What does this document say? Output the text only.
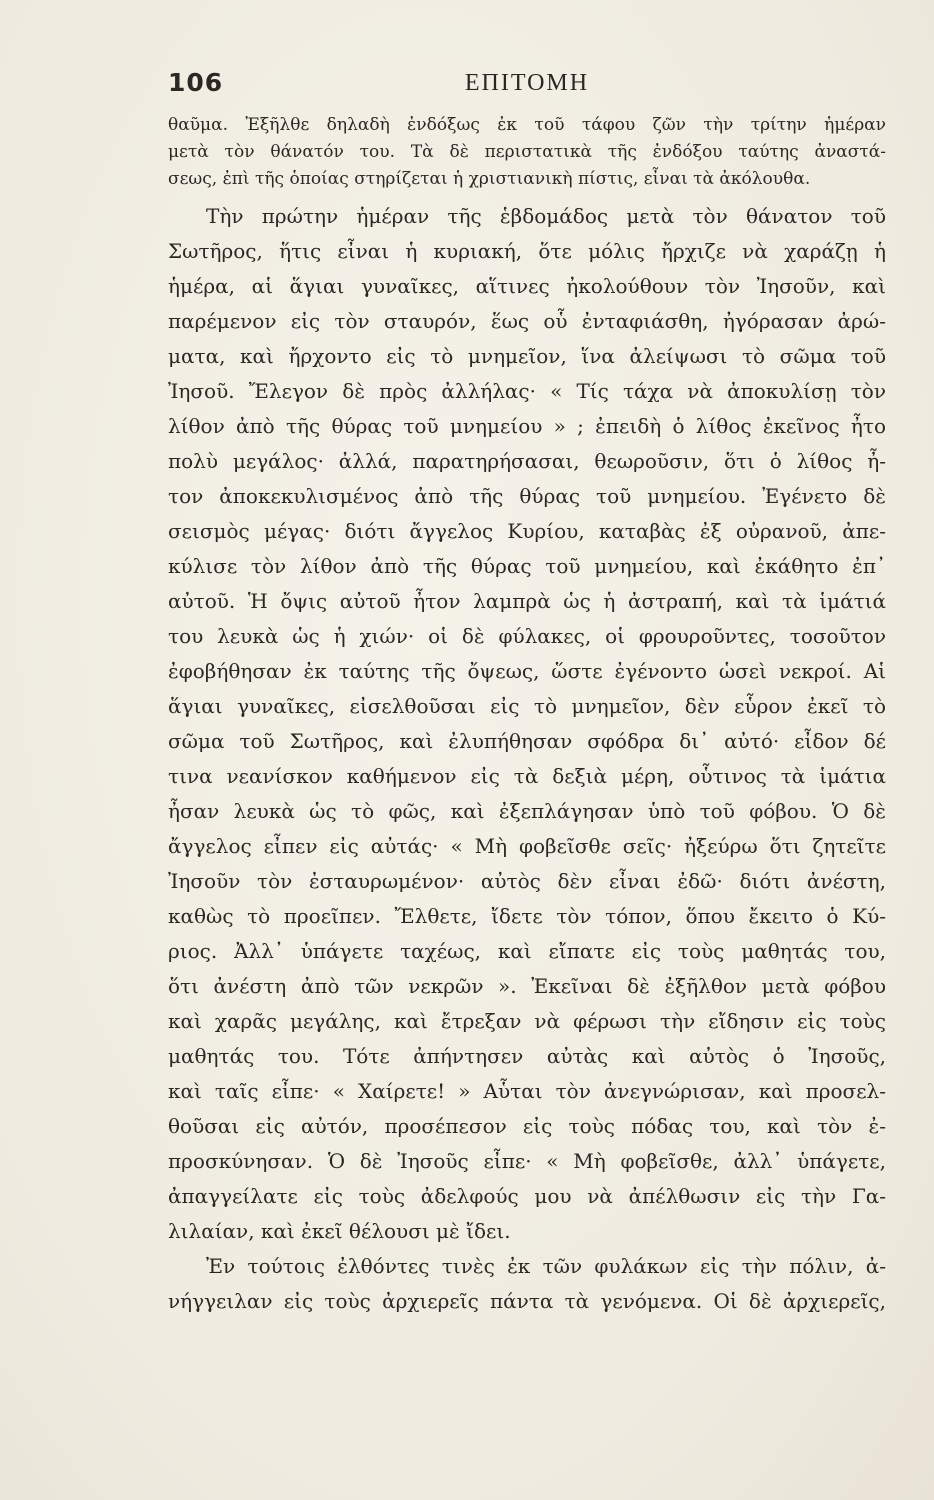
106	ΕΠΙΤΟΜΗ
θαῦμα. Ἐξῆλθε δηλαδὴ ἐνδόξως ἐκ τοῦ τάφου ζῶν τὴν τρίτην ἡμέραν
μετὰ τὸν θάνατόν του. Τὰ δὲ περιστατικὰ τῆς ἐνδόξου ταύτης ἀναστά-
σεως, ἐπὶ τῆς ὁποίας στηρίζεται ἡ χριστιανικὴ πίστις, εἶναι τὰ ἀκόλουθα.
Τὴν πρώτην ἡμέραν τῆς ἑβδομάδος μετὰ τὸν θάνατον τοῦ
Σωτῆρος, ἥτις εἶναι ἡ κυριακή, ὅτε μόλις ἤρχιζε νὰ χαράζῃ ἡ
ἡμέρα, αἱ ἅγιαι γυναῖκες, αἵτινες ἠκολούθουν τὸν Ἰησοῦν, καὶ
παρέμενον εἰς τὸν σταυρόν, ἕως οὗ ἐνταφιάσθη, ἠγόρασαν ἀρώ-
ματα, καὶ ἤρχοντο εἰς τὸ μνημεῖον, ἵνα ἀλείψωσι τὸ σῶμα τοῦ
Ἰησοῦ. Ἔλεγον δὲ πρὸς ἀλλήλας· « Τίς τάχα νὰ ἀποκυλίσῃ τὸν
λίθον ἀπὸ τῆς θύρας τοῦ μνημείου » ; ἐπειδὴ ὁ λίθος ἐκεῖνος ἦτο
πολὺ μεγάλος· ἀλλά, παρατηρήσασαι, θεωροῦσιν, ὅτι ὁ λίθος ἦ-
τον ἀποκεκυλισμένος ἀπὸ τῆς θύρας τοῦ μνημείου. Ἐγένετο δὲ
σεισμὸς μέγας· διότι ἄγγελος Κυρίου, καταβὰς ἐξ οὐρανοῦ, ἀπε-
κύλισε τὸν λίθον ἀπὸ τῆς θύρας τοῦ μνημείου, καὶ ἐκάθητο ἐπ᾽
αὐτοῦ. Ἡ ὄψις αὐτοῦ ἦτον λαμπρὰ ὡς ἡ ἀστραπή, καὶ τὰ ἱμάτιά
του λευκὰ ὡς ἡ χιών· οἱ δὲ φύλακες, οἱ φρουροῦντες, τοσοῦτον
ἐφοβήθησαν ἐκ ταύτης τῆς ὄψεως, ὥστε ἐγένοντο ὡσεὶ νεκροί. Αἱ
ἅγιαι γυναῖκες, εἰσελθοῦσαι εἰς τὸ μνημεῖον, δὲν εὗρον ἐκεῖ τὸ
σῶμα τοῦ Σωτῆρος, καὶ ἐλυπήθησαν σφόδρα δι᾽ αὐτό· εἶδον δέ
τινα νεανίσκον καθήμενον εἰς τὰ δεξιὰ μέρη, οὗτινος τὰ ἱμάτια
ἦσαν λευκὰ ὡς τὸ φῶς, καὶ ἐξεπλάγησαν ὑπὸ τοῦ φόβου. Ὁ δὲ
ἄγγελος εἶπεν εἰς αὐτάς· « Μὴ φοβεῖσθε σεῖς· ἠξεύρω ὅτι ζητεῖτε
Ἰησοῦν τὸν ἐσταυρωμένον· αὐτὸς δὲν εἶναι ἐδῶ· διότι ἀνέστη,
καθὼς τὸ προεῖπεν. Ἔλθετε, ἴδετε τὸν τόπον, ὅπου ἔκειτο ὁ Κύ-
ριος. Ἀλλ᾽ ὑπάγετε ταχέως, καὶ εἴπατε εἰς τοὺς μαθητάς του,
ὅτι ἀνέστη ἀπὸ τῶν νεκρῶν ». Ἐκεῖναι δὲ ἐξῆλθον μετὰ φόβου
καὶ χαρᾶς μεγάλης, καὶ ἔτρεξαν νὰ φέρωσι τὴν εἴδησιν εἰς τοὺς
μαθητάς του. Τότε ἀπήντησεν αὐτὰς καὶ αὐτὸς ὁ Ἰησοῦς,
καὶ ταῖς εἶπε· « Χαίρετε! » Αὗται τὸν ἀνεγνώρισαν, καὶ προσελ-
θοῦσαι εἰς αὐτόν, προσέπεσον εἰς τοὺς πόδας του, καὶ τὸν ἐ-
προσκύνησαν. Ὁ δὲ Ἰησοῦς εἶπε· « Μὴ φοβεῖσθε, ἀλλ᾽ ὑπάγετε,
ἀπαγγείλατε εἰς τοὺς ἀδελφούς μου νὰ ἀπέλθωσιν εἰς τὴν Γα-
λιλαίαν, καὶ ἐκεῖ θέλουσι μὲ ἴδει.
Ἐν τούτοις ἐλθόντες τινὲς ἐκ τῶν φυλάκων εἰς τὴν πόλιν, ἀ-
νήγγειλαν εἰς τοὺς ἀρχιερεῖς πάντα τὰ γενόμενα. Οἱ δὲ ἀρχιερεῖς,
